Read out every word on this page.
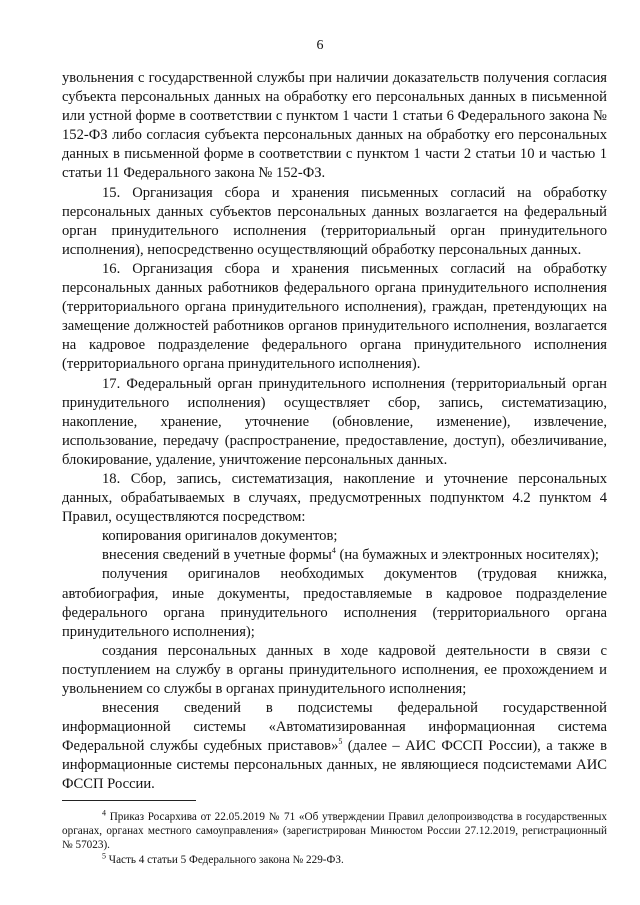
6

увольнения с государственной службы при наличии доказательств получения согласия субъекта персональных данных на обработку его персональных данных в письменной или устной форме в соответствии с пунктом 1 части 1 статьи 6 Федерального закона № 152-ФЗ либо согласия субъекта персональных данных на обработку его персональных данных в письменной форме в соответствии с пунктом 1 части 2 статьи 10 и частью 1 статьи 11 Федерального закона № 152-ФЗ.

15. Организация сбора и хранения письменных согласий на обработку персональных данных субъектов персональных данных возлагается на федеральный орган принудительного исполнения (территориальный орган принудительного исполнения), непосредственно осуществляющий обработку персональных данных.

16. Организация сбора и хранения письменных согласий на обработку персональных данных работников федерального органа принудительного исполнения (территориального органа принудительного исполнения), граждан, претендующих на замещение должностей работников органов принудительного исполнения, возлагается на кадровое подразделение федерального органа принудительного исполнения (территориального органа принудительного исполнения).

17. Федеральный орган принудительного исполнения (территориальный орган принудительного исполнения) осуществляет сбор, запись, систематизацию, накопление, хранение, уточнение (обновление, изменение), извлечение, использование, передачу (распространение, предоставление, доступ), обезличивание, блокирование, удаление, уничтожение персональных данных.

18. Сбор, запись, систематизация, накопление и уточнение персональных данных, обрабатываемых в случаях, предусмотренных подпунктом 4.2 пунктом 4 Правил, осуществляются посредством:

копирования оригиналов документов;

внесения сведений в учетные формы$^4$ (на бумажных и электронных носителях);

получения оригиналов необходимых документов (трудовая книжка, автобиография, иные документы, предоставляемые в кадровое подразделение федерального органа принудительного исполнения (территориального органа принудительного исполнения);

создания персональных данных в ходе кадровой деятельности в связи с поступлением на службу в органы принудительного исполнения, ее прохождением и увольнением со службы в органах принудительного исполнения;

внесения сведений в подсистемы федеральной государственной информационной системы «Автоматизированная информационная система Федеральной службы судебных приставов»$^5$ (далее – АИС ФССП России), а также в информационные системы персональных данных, не являющиеся подсистемами АИС ФССП России.

$^4$ Приказ Росархива от 22.05.2019 № 71 «Об утверждении Правил делопроизводства в государственных органах, органах местного самоуправления» (зарегистрирован Минюстом России 27.12.2019, регистрационный № 57023).

$^5$ Часть 4 статьи 5 Федерального закона № 229-ФЗ.
